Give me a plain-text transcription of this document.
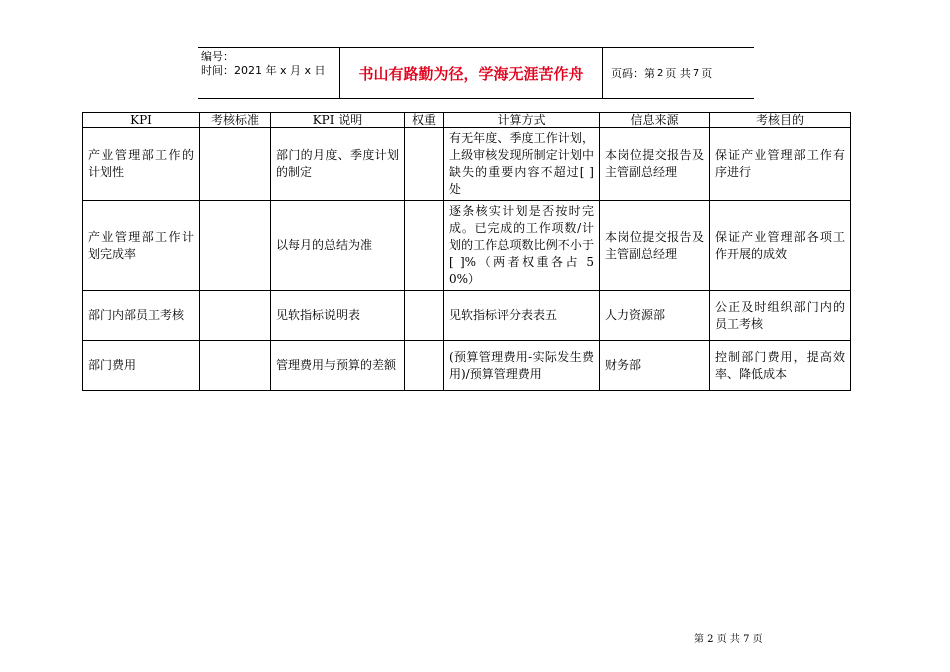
编号：
时间：2021 年 x 月 x 日	书山有路勤为径，学海无涯苦作舟	页码：第 2 页 共 7 页
KPI	考核标准	KPI 说明	权重	计算方式	信息来源	考核目的
产业管理部工作的计划性		部门的月度、季度计划的制定		有无年度、季度工作计划，上级审核发现所制定计划中缺失的重要内容不超过[ ]处	本岗位提交报告及主管副总经理	保证产业管理部工作有序进行
产业管理部工作计划完成率		以每月的总结为准		逐条核实计划是否按时完成。已完成的工作项数/计划的工作总项数比例不小于[ ]%（两者权重各占 50%）	本岗位提交报告及主管副总经理	保证产业管理部各项工作开展的成效
部门内部员工考核		见软指标说明表		见软指标评分表表五	人力资源部	公正及时组织部门内的员工考核
部门费用		管理费用与预算的差额		(预算管理费用-实际发生费用)/预算管理费用	财务部	控制部门费用，提高效率、降低成本
第 2 页 共 7 页
